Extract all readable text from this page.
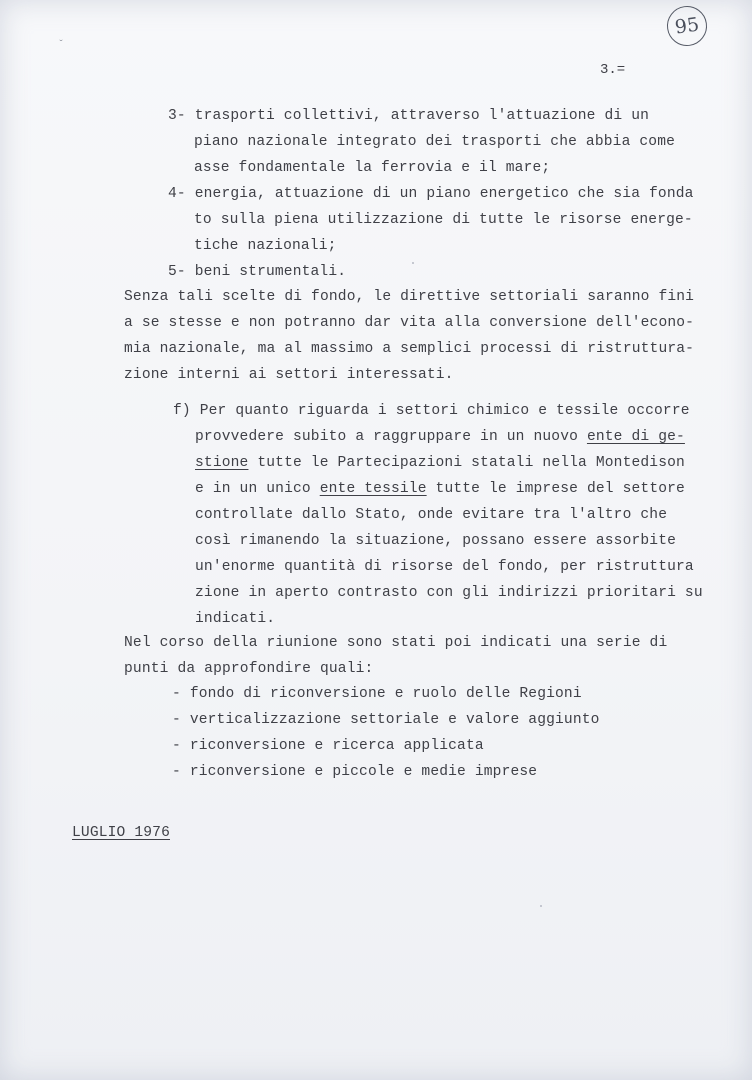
95
ˇ
3.=
3- trasporti collettivi, attraverso l'attuazione di un
piano nazionale integrato dei trasporti che abbia come
asse fondamentale la ferrovia e il mare;
4- energia, attuazione di un piano energetico che sia fonda
to sulla piena utilizzazione di tutte le risorse energe-
tiche nazionali;
5- beni strumentali.
Senza tali scelte di fondo, le direttive settoriali saranno fini
a se stesse e non potranno dar vita alla conversione dell'econo-
mia nazionale, ma al massimo a semplici processi di ristruttura-
zione interni ai settori interessati.
f) Per quanto riguarda i settori chimico e tessile occorre
provvedere subito a raggruppare in un nuovo ente di ge-
stione tutte le Partecipazioni statali nella Montedison
e in un unico ente tessile tutte le imprese del settore
controllate dallo Stato, onde evitare tra l'altro che
così rimanendo la situazione, possano essere assorbite
un'enorme quantità di risorse del fondo, per ristruttura
zione in aperto contrasto con gli indirizzi prioritari su
indicati.
Nel corso della riunione sono stati poi indicati una serie di
punti da approfondire quali:
- fondo di riconversione e ruolo delle Regioni
- verticalizzazione settoriale e valore aggiunto
- riconversione e ricerca applicata
- riconversione e piccole e medie imprese
LUGLIO 1976
